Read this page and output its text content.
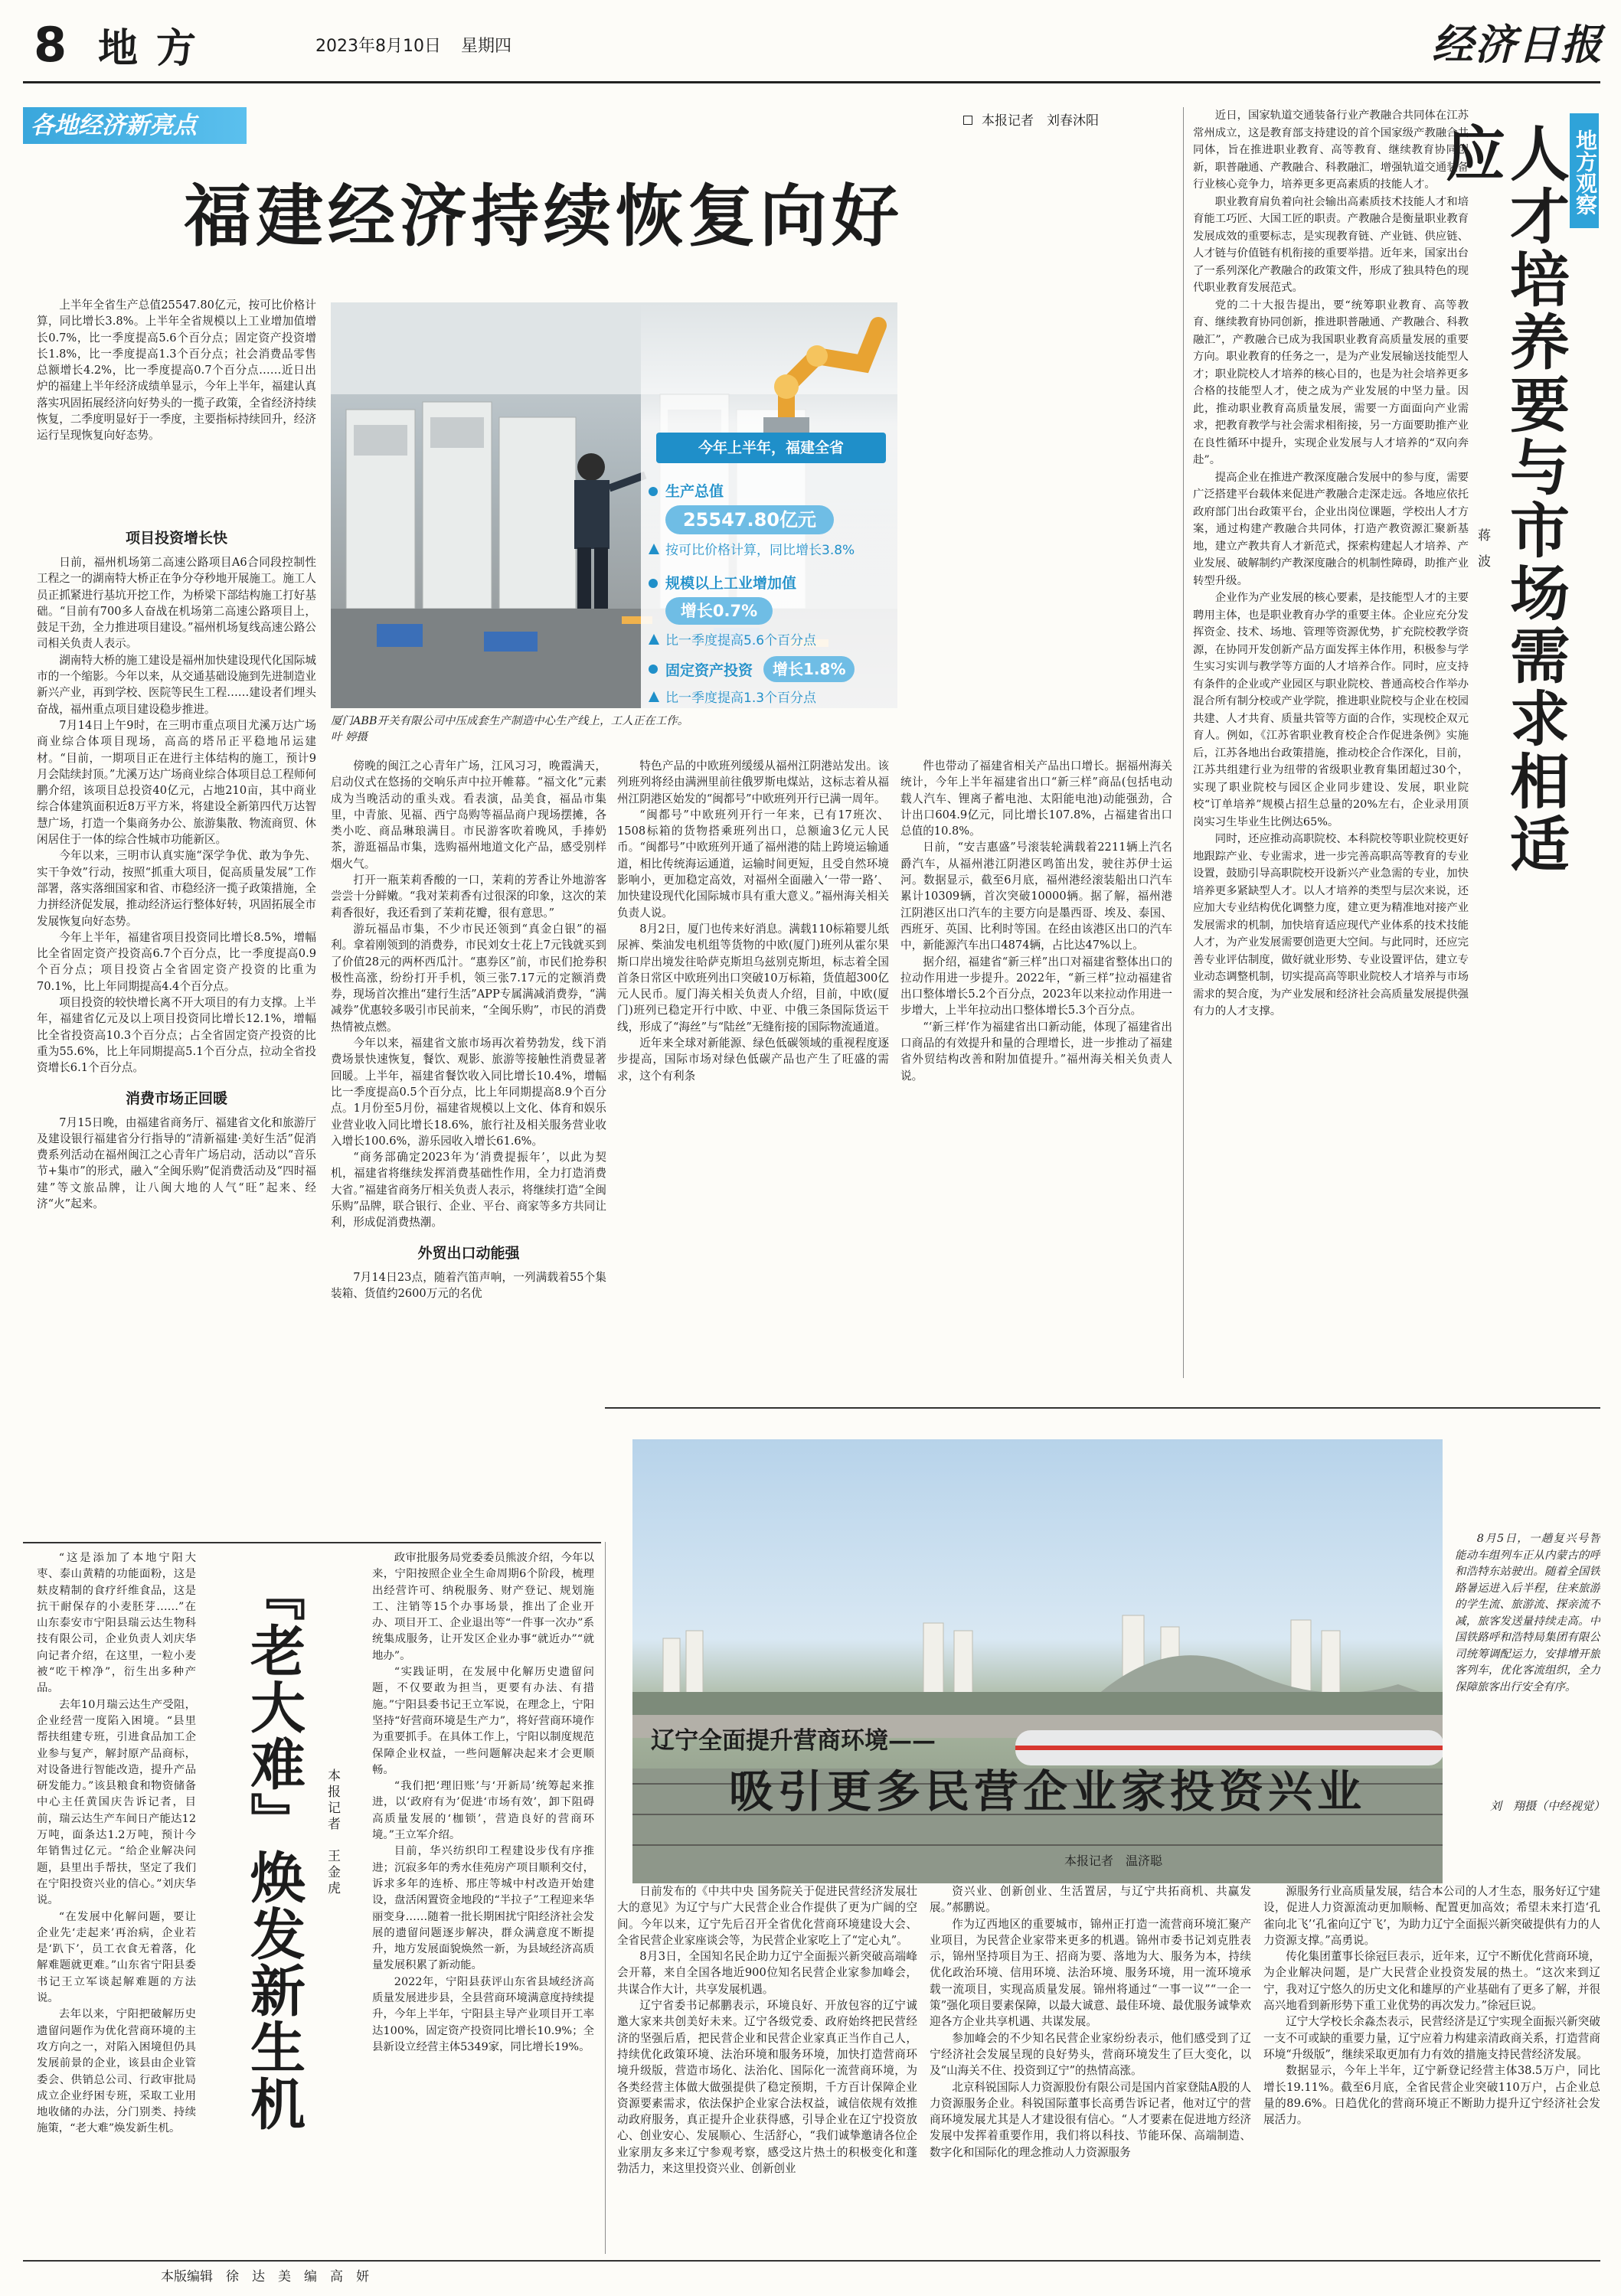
8 地方	2023年8月10日 星期四	经济日报
各地经济新亮点	本报记者　刘春沐阳
福建经济持续恢复向好

上半年全省生产总值25547.80亿元，按可比价格计算，同比增长3.8%。上半年全省规模以上工业增加值增长0.7%，比一季度提高5.6个百分点；固定资产投资增长1.8%，比一季度提高1.3个百分点；社会消费品零售总额增长4.2%，比一季度提高0.7个百分点……近日出炉的福建上半年经济成绩单显示，今年上半年，福建认真落实巩固拓展经济向好势头的一揽子政策，全省经济持续恢复，二季度明显好于一季度，主要指标持续回升，经济运行呈现恢复向好态势。

今年上半年，福建全省
生产总值
25547.80亿元
按可比价格计算，同比增长3.8%
规模以上工业增加值
增长0.7%
比一季度提高5.6个百分点
固定资产投资	增长1.8%
比一季度提高1.3个百分点
厦门ABB开关有限公司中压成套生产制造中心生产线上，工人正在工作。　　叶 婷摄
项目投资增长快

日前，福州机场第二高速公路项目A6合同段控制性工程之一的湖南特大桥正在争分夺秒地开展施工。施工人员正抓紧进行基坑开挖工作，为桥梁下部结构施工打好基础。“目前有700多人奋战在机场第二高速公路项目上，鼓足干劲，全力推进项目建设。”福州机场复线高速公路公司相关负责人表示。

湖南特大桥的施工建设是福州加快建设现代化国际城市的一个缩影。今年以来，从交通基础设施到先进制造业新兴产业，再到学校、医院等民生工程……建设者们埋头奋战，福州重点项目建设稳步推进。

7月14日上午9时，在三明市重点项目尤溪万达广场商业综合体项目现场，高高的塔吊正平稳地吊运建材。“目前，一期项目正在进行主体结构的施工，预计9月会陆续封顶。”尤溪万达广场商业综合体项目总工程师何鹏介绍，该项目总投资40亿元，占地210亩，其中商业综合体建筑面积近8万平方米，将建设全新第四代万达智慧广场，打造一个集商务办公、旅游集散、物流商贸、休闲居住于一体的综合性城市功能新区。

今年以来，三明市认真实施“深学争优、敢为争先、实干争效”行动，按照“抓重大项目，促高质量发展”工作部署，落实落细国家和省、市稳经济一揽子政策措施，全力拼经济促发展，推动经济运行整体好转，巩固拓展全市发展恢复向好态势。

今年上半年，福建省项目投资同比增长8.5%，增幅比全省固定资产投资高6.7个百分点，比一季度提高0.9个百分点；项目投资占全省固定资产投资的比重为70.1%，比上年同期提高4.4个百分点。

项目投资的较快增长离不开大项目的有力支撑。上半年，福建省亿元及以上项目投资同比增长12.1%，增幅比全省投资高10.3个百分点；占全省固定资产投资的比重为55.6%，比上年同期提高5.1个百分点，拉动全省投资增长6.1个百分点。

消费市场正回暖

7月15日晚，由福建省商务厅、福建省文化和旅游厅及建设银行福建省分行指导的“清新福建·美好生活”促消费系列活动在福州闽江之心青年广场启动，活动以“音乐节+集市”的形式，融入“全闽乐购”促消费活动及“四时福建”等文旅品牌，让八闽大地的人气“旺”起来、经济“火”起来。

傍晚的闽江之心青年广场，江风习习，晚霞满天，启动仪式在悠扬的交响乐声中拉开帷幕。“福文化”元素成为当晚活动的重头戏。看表演，品美食，福品市集里，中青旅、见福、西宁岛购等福品商户现场摆摊，各类小吃、商品琳琅满目。市民游客吹着晚风，手捧奶茶，游逛福品市集，选购福州地道文化产品，感受别样烟火气。

打开一瓶茉莉香酸的一口，茉莉的芳香让外地游客尝尝十分鲜嫩。“我对茉莉香有过很深的印象，这次的茉莉香很好，我还看到了茉莉花瓣，很有意思。”

游玩福品市集，不少市民还领到“真金白银”的福利。拿着刚领到的消费券，市民刘女士花上7元钱就买到了价值28元的两杯西瓜汁。“惠券区”前，市民们抢券积极性高涨，纷纷打开手机，领三张7.17元的定额消费券，现场首次推出“建行生活”APP专属满减消费券，“满减券”优惠较多吸引市民前来，“全闽乐购”，市民的消费热情被点燃。

今年以来，福建省文旅市场再次着势勃发，线下消费场景快速恢复，餐饮、观影、旅游等接触性消费显著回暖。上半年，福建省餐饮收入同比增长10.4%，增幅比一季度提高0.5个百分点，比上年同期提高8.9个百分点。1月份至5月份，福建省规模以上文化、体育和娱乐业营业收入同比增长18.6%，旅行社及相关服务营业收入增长100.6%，游乐园收入增长61.6%。

“商务部确定2023年为‘消费提振年’，以此为契机，福建省将继续发挥消费基础性作用，全力打造消费大省。”福建省商务厅相关负责人表示，将继续打造“全闽乐购”品牌，联合银行、企业、平台、商家等多方共同让利，形成促消费热潮。

外贸出口动能强

7月14日23点，随着汽笛声响，一列满载着55个集装箱、货值约2600万元的名优

特色产品的中欧班列缓缓从福州江阴港站发出。该列班列将经由满洲里前往俄罗斯电煤站，这标志着从福州江阴港区始发的“闽都号”中欧班列开行已满一周年。

“闽都号”中欧班列开行一年来，已有17班次、1508标箱的货物搭乘班列出口，总额逾3亿元人民币。“闽都号”中欧班列开通了福州港的陆上跨境运输通道，相比传统海运通道，运输时间更短，且受自然环境影响小，更加稳定高效，对福州全面融入‘一带一路’、加快建设现代化国际城市具有重大意义。”福州海关相关负责人说。

8月2日，厦门也传来好消息。满载110标箱婴儿纸尿裤、柴油发电机组等货物的中欧(厦门)班列从霍尔果斯口岸出境发往哈萨克斯坦乌兹别克斯坦，标志着全国首条日常区中欧班列出口突破10万标箱，货值超300亿元人民币。厦门海关相关负责人介绍，目前，中欧(厦门)班列已稳定开行中欧、中亚、中俄三条国际货运干线，形成了“海丝”与“陆丝”无缝衔接的国际物流通道。

近年来全球对新能源、绿色低碳领域的重视程度逐步提高，国际市场对绿色低碳产品也产生了旺盛的需求，这个有利条

件也带动了福建省相关产品出口增长。据福州海关统计，今年上半年福建省出口“新三样”商品(包括电动载人汽车、锂离子蓄电池、太阳能电池)动能强劲，合计出口604.9亿元，同比增长107.8%，占福建省出口总值的10.8%。

日前，“安吉惠盛”号滚装轮满载着2211辆上汽名爵汽车，从福州港江阴港区鸣笛出发，驶往苏伊士运河。数据显示，截至6月底，福州港经滚装船出口汽车累计10309辆，首次突破10000辆。据了解，福州港江阴港区出口汽车的主要方向是墨西哥、埃及、泰国、西班牙、英国、比利时等国。在经由该港区出口的汽车中，新能源汽车出口4874辆，占比达47%以上。

据介绍，福建省“新三样”出口对福建省整体出口的拉动作用进一步提升。2022年，“新三样”拉动福建省出口整体增长5.2个百分点，2023年以来拉动作用进一步增大，上半年拉动出口整体增长5.3个百分点。

“‘新三样’作为福建省出口新动能，体现了福建省出口商品的有效提升和量的合理增长，进一步推动了福建省外贸结构改善和附加值提升。”福州海关相关负责人说。

近日，国家轨道交通装备行业产教融合共同体在江苏常州成立，这是教育部支持建设的首个国家级产教融合共同体，旨在推进职业教育、高等教育、继续教育协同创新，职普融通、产教融合、科教融汇，增强轨道交通装备行业核心竞争力，培养更多更高素质的技能人才。

职业教育肩负着向社会输出高素质技术技能人才和培育能工巧匠、大国工匠的职责。产教融合是衡量职业教育发展成效的重要标志，是实现教育链、产业链、供应链、人才链与价值链有机衔接的重要举措。近年来，国家出台了一系列深化产教融合的政策文件，形成了独具特色的现代职业教育发展范式。

党的二十大报告提出，要“统筹职业教育、高等教育、继续教育协同创新，推进职普融通、产教融合、科教融汇”，产教融合已成为我国职业教育高质量发展的重要方向。职业教育的任务之一，是为产业发展输送技能型人才；职业院校人才培养的核心目的，也是为社会培养更多合格的技能型人才，使之成为产业发展的中坚力量。因此，推动职业教育高质量发展，需要一方面面向产业需求，把教育教学与社会需求相衔接，另一方面要助推产业在良性循环中提升，实现企业发展与人才培养的“双向奔赴”。

提高企业在推进产教深度融合发展中的参与度，需要广泛搭建平台载体来促进产教融合走深走远。各地应依托政府部门出台政策平台，企业出岗位课题，学校出人才方案，通过构建产教融合共同体，打造产教资源汇聚新基地，建立产教共育人才新范式，探索构建起人才培养、产业发展、破解制约产教深度融合的机制性障碍，助推产业转型升级。

企业作为产业发展的核心要素，是技能型人才的主要聘用主体，也是职业教育办学的重要主体。企业应充分发挥资金、技术、场地、管理等资源优势，扩充院校教学资源，在协同开发创新产品方面发挥主体作用，积极参与学生实习实训与教学等方面的人才培养合作。同时，应支持有条件的企业或产业园区与职业院校、普通高校合作举办混合所有制分校或产业学院，推进职业院校与企业在校园共建、人才共育、质量共管等方面的合作，实现校企双元育人。例如，《江苏省职业教育校企合作促进条例》实施后，江苏各地出台政策措施，推动校企合作深化，目前，江苏共组建行业为纽带的省级职业教育集团超过30个，实现了职业院校与园区企业同步建设、发展，职业院校“订单培养”规模占招生总量的20%左右，企业录用顶岗实习生毕业生比例达65%。

同时，还应推动高职院校、本科院校等职业院校更好地跟踪产业、专业需求，进一步完善高职高等教育的专业设置，鼓励引导高职院校开设新兴产业急需的专业，加快培养更多紧缺型人才。以人才培养的类型与层次来说，还应加大专业结构优化调整力度，建立更为精准地对接产业发展需求的机制，加快培育适应现代产业体系的技术技能人才，为产业发展需要创造更大空间。与此同时，还应完善专业评估制度，做好就业形势、专业设置评估，建立专业动态调整机制，切实提高高等职业院校人才培养与市场需求的契合度，为产业发展和经济社会高质量发展提供强有力的人才支撑。

地方观察
人才培养要与市场需求相适应
蒋　波

8月5日，一趟复兴号智能动车组列车正从内蒙古的呼和浩特东站驶出。随着全国铁路暑运进入后半程，往来旅游的学生流、旅游流、探亲流不减，旅客发送量持续走高。中国铁路呼和浩特局集团有限公司统筹调配运力，安排增开旅客列车，优化客流组织，全力保障旅客出行安全有序。

刘　翔摄（中经视觉）

“这是添加了本地宁阳大枣、泰山黄精的功能面粉，这是麸皮精制的食疗纤维食品，这是抗干耐保存的小麦胚芽……”在山东泰安市宁阳县瑞云达生物科技有限公司，企业负责人刘庆华向记者介绍，在这里，一粒小麦被“吃干榨净”，衍生出多种产品。

去年10月瑞云达生产受阻，企业经营一度陷入困境。“县里帮扶组建专班，引进食品加工企业参与复产，解封原产品商标，对设备进行智能改造，提升产品研发能力。”该县粮食和物资储备中心主任黄国庆告诉记者，目前，瑞云达生产车间日产能达12万吨，面条达1.2万吨，预计今年销售过亿元。“给企业解决问题，县里出手帮扶，坚定了我们在宁阳投资兴业的信心。”刘庆华说。

“在发展中化解问题，要让企业先‘走起来’再治病，企业若是‘趴下’，员工衣食无着落，化解难题就更难。”山东省宁阳县委书记王立军谈起解难题的方法说。

去年以来，宁阳把破解历史遗留问题作为优化营商环境的主攻方向之一，对陷入困境但仍具发展前景的企业，该县由企业管委会、供销总公司、行政审批局成立企业纾困专班，采取工业用地收储的办法，分门别类、持续施策，“老大难”焕发新生机。 『老大难』焕发新生机 本报记者　王金虎

政审批服务局党委委员熊波介绍，今年以来，宁阳按照企业全生命周期6个阶段，梳理出经营许可、纳税服务、财产登记、规划施工、注销等15个办事场景，推出了企业开办、项目开工、企业退出等“一件事一次办”系统集成服务，让开发区企业办事“就近办”“就地办”。

“实践证明，在发展中化解历史遗留问题，不仅要敢为担当，更要有办法、有措施。”宁阳县委书记王立军说，在理念上，宁阳坚持“好营商环境是生产力”，将好营商环境作为重要抓手。在具体工作上，宁阳以制度规范保障企业权益，一些问题解决起来才会更顺畅。

“我们把‘理旧账’与‘开新局’统筹起来推进，以‘政府有为’促进‘市场有效’，卸下阻碍高质量发展的‘枷锁’，营造良好的营商环境。”王立军介绍。

目前，华兴纺织印工程建设步伐有序推进；沉寂多年的秀水佳苑房产项目顺利交付，诉求多年的连桥、邢庄等城中村改造开始建设，盘活闲置资金地段的“半拉子”工程迎来华丽变身……随着一批长期困扰宁阳经济社会发展的遗留问题逐步解决，群众满意度不断提升，地方发展面貌焕然一新，为县域经济高质量发展积累了新动能。

2022年，宁阳县获评山东省县域经济高质量发展进步县，全县营商环境满意度持续提升，今年上半年，宁阳县主导产业项目开工率达100%，固定资产投资同比增长10.9%；全县新设立经营主体5349家，同比增长19%。

辽宁全面提升营商环境——
吸引更多民营企业家投资兴业
本报记者　温济聪

日前发布的《中共中央 国务院关于促进民营经济发展壮大的意见》为辽宁与广大民营企业合作提供了更为广阔的空间。今年以来，辽宁先后召开全省优化营商环境建设大会、全省民营企业家座谈会等，为民营企业家吃上了“定心丸”。

8月3日，全国知名民企助力辽宁全面振兴新突破高端峰会开幕，来自全国各地近900位知名民营企业家参加峰会，共谋合作大计，共享发展机遇。

辽宁省委书记郝鹏表示，环境良好、开放包容的辽宁诚邀大家来共创美好未来。辽宁各级党委、政府始终把民营经济的坚强后盾，把民营企业和民营企业家真正当作自己人，持续优化政策环境、法治环境和服务环境，加快打造营商环境升级版，营造市场化、法治化、国际化一流营商环境，为各类经营主体做大做强提供了稳定预期，千方百计保障企业资源要素需求，依法保护企业家合法权益，诚信依规有效推动政府服务，真正提升企业获得感，引导企业在辽宁投资放心、创业安心、发展顺心、生活舒心，“我们诚挚邀请各位企业家朋友多来辽宁参观考察，感受这片热土的积极变化和蓬勃活力，来这里投资兴业、创新创业

资兴业、创新创业、生活置居，与辽宁共拓商机、共赢发展。”郝鹏说。

作为辽西地区的重要城市，锦州正打造一流营商环境汇聚产业项目，为民营企业家带来更多的机遇。锦州市委书记刘克胜表示，锦州坚持项目为王、招商为要、落地为大、服务为本，持续优化政治环境、信用环境、法治环境、服务环境，用一流环境承载一流项目，实现高质量发展。锦州将通过“一事一议”“一企一策”强化项目要素保障，以最大诚意、最佳环境、最优服务诚挚欢迎各方企业共享机遇、共谋发展。

参加峰会的不少知名民营企业家纷纷表示，他们感受到了辽宁经济社会发展呈现的良好势头，营商环境发生了巨大变化，以及“山海关不住、投资到辽宁”的热情高涨。

北京科锐国际人力资源股份有限公司是国内首家登陆A股的人力资源服务企业。科锐国际董事长高勇告诉记者，他对辽宁的营商环境发展尤其是人才建设很有信心。“人才要素在促进地方经济发展中发挥着重要作用，我们将以科技、节能环保、高端制造、数字化和国际化的理念推动人力资源服务

源服务行业高质量发展，结合本公司的人才生态，服务好辽宁建设，促进人力资源流动更加顺畅、配置更加高效；希望未来打造‘孔雀向北飞’‘孔雀向辽宁飞’，为助力辽宁全面振兴新突破提供有力的人力资源支撑。”高勇说。

传化集团董事长徐冠巨表示，近年来，辽宁不断优化营商环境，为企业解决问题，是广大民营企业投资发展的热土。“这次来到辽宁，我对辽宁悠久的历史文化和雄厚的产业基础有了更多了解，并很高兴地看到新形势下重工业优势的再次发力。”徐冠巨说。

辽宁大学校长余淼杰表示，民营经济是辽宁实现全面振兴新突破一支不可或缺的重要力量，辽宁应着力构建亲清政商关系，打造营商环境“升级版”，继续采取更加有力有效的措施支持民营经济发展。

数据显示，今年上半年，辽宁新登记经营主体38.5万户，同比增长19.11%。截至6月底，全省民营企业突破110万户，占企业总量的89.6%。日趋优化的营商环境正不断助力提升辽宁经济社会发展活力。

本版编辑　徐　达　美　编　高　妍
